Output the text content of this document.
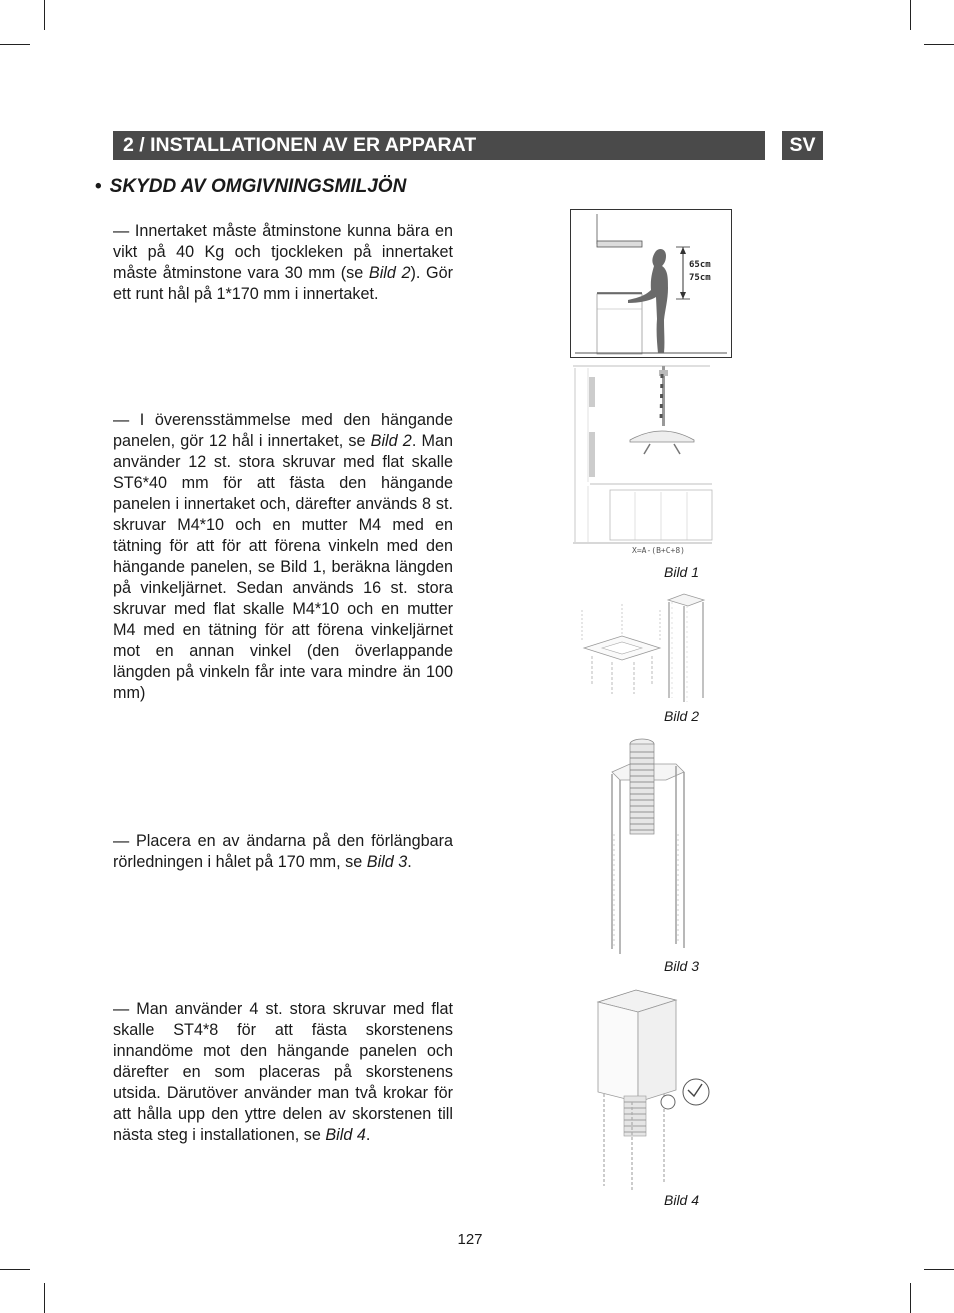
2 / INSTALLATIONEN AV ER APPARAT	SV
• SKYDD AV OMGIVNINGSMILJÖN
— Innertaket måste åtminstone kunna bära en vikt på 40 Kg och tjockleken på innertaket måste åtminstone vara 30 mm (se Bild 2). Gör ett runt hål på 1*170 mm i innertaket.
— I överensstämmelse med den hängande panelen, gör 12 hål i innertaket, se Bild 2. Man använder 12 st. stora skruvar med flat skalle ST6*40 mm för att fästa den hängande panelen i innertaket och, därefter används 8 st. skruvar M4*10 och en mutter M4 med en tätning för att för att förena vinkeln med den hängande panelen, se Bild 1, beräkna längden på vinkeljärnet. Sedan används 16 st. stora skruvar med flat skalle M4*10 och en mutter M4 med en tätning för att förena vinkeljärnet mot en annan vinkel (den överlappande längden på vinkeln får inte vara mindre än 100 mm)
— Placera en av ändarna på den förlängbara rörledningen i hålet på 170 mm, se Bild 3.
— Man använder 4 st. stora skruvar med flat skalle ST4*8 för att fästa skorstenens innandöme mot den hängande panelen och därefter en som placeras på skorstenens utsida. Därutöver använder man två krokar för att hålla upp den yttre delen av skorstenen till nästa steg i installationen, se Bild 4.
65cm
75cm
X=A-(B+C+8)
Bild 1
Bild 2
Bild 3
Bild 4
127
